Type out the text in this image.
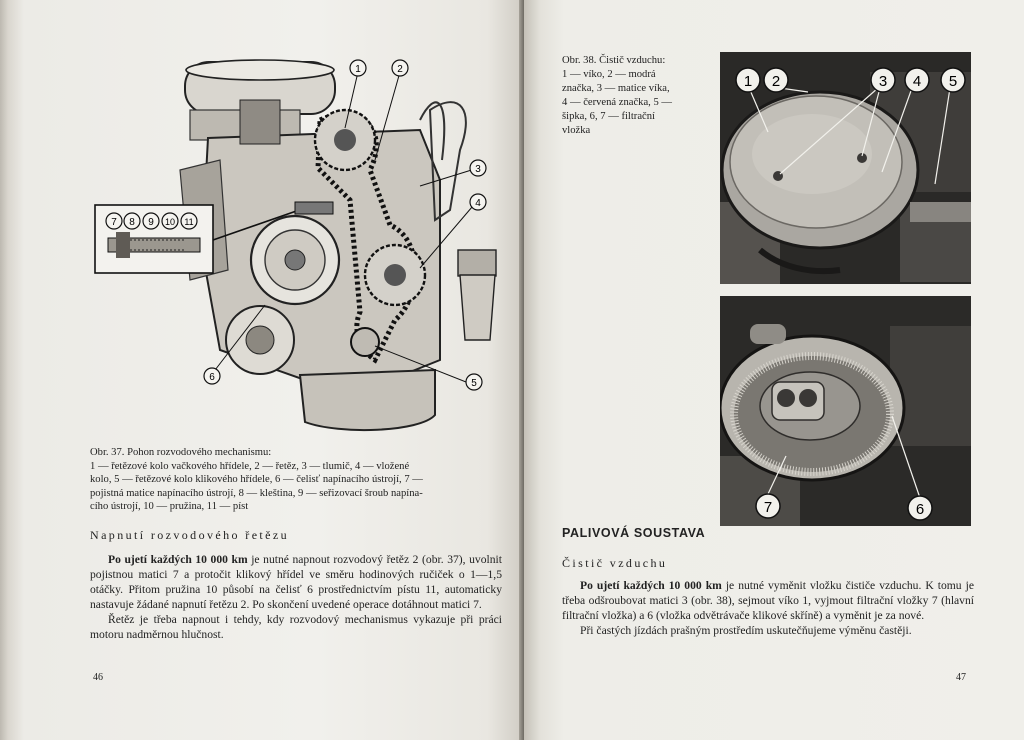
1	2
3
4
5
6
7 8 9 10 11
Obr. 37. Pohon rozvodového mechanismu:
1 — řetězové kolo vačkového hřídele, 2 — řetěz, 3 — tlumič, 4 — vložené
kolo, 5 — řetězové kolo klikového hřídele, 6 — čelisť napínacího ústrojí, 7 —
pojistná matice napínacího ústrojí, 8 — kleština, 9 — seřizovací šroub napína-
cího ústrojí, 10 — pružina, 11 — píst
Napnutí rozvodového řetězu

Po ujetí každých 10 000 km je nutné napnout rozvodový řetěz 2 (obr. 37), uvolnit pojistnou matici 7 a protočit klikový hřídel ve směru hodinových ručiček o 1—1,5 otáčky. Přitom pružina 10 působí na čelisť 6 prostřednictvím pístu 11, automaticky nastavuje žádané napnutí řetězu 2. Po skončení uvedené operace dotáhnout matici 7.

Řetěz je třeba napnout i tehdy, kdy rozvodový mechanismus vykazuje při práci motoru nadměrnou hlučnost.

46
Obr. 38. Čistič vzduchu:
1 — víko, 2 — modrá
značka, 3 — matice víka,
4 — červená značka, 5 —
šipka, 6, 7 — filtrační
vložka
1 2	3 4 5
7	6
PALIVOVÁ SOUSTAVA
Čistič vzduchu

Po ujetí každých 10 000 km je nutné vyměnit vložku čističe vzduchu. K tomu je třeba odšroubovat matici 3 (obr. 38), sejmout víko 1, vyjmout filtrační vložky 7 (hlavní filtrační vložka) a 6 (vložka odvětrávače klikové skříně) a vyměnit je za nové.

Při častých jízdách prašným prostředím uskutečňujeme výměnu častěji.

47
